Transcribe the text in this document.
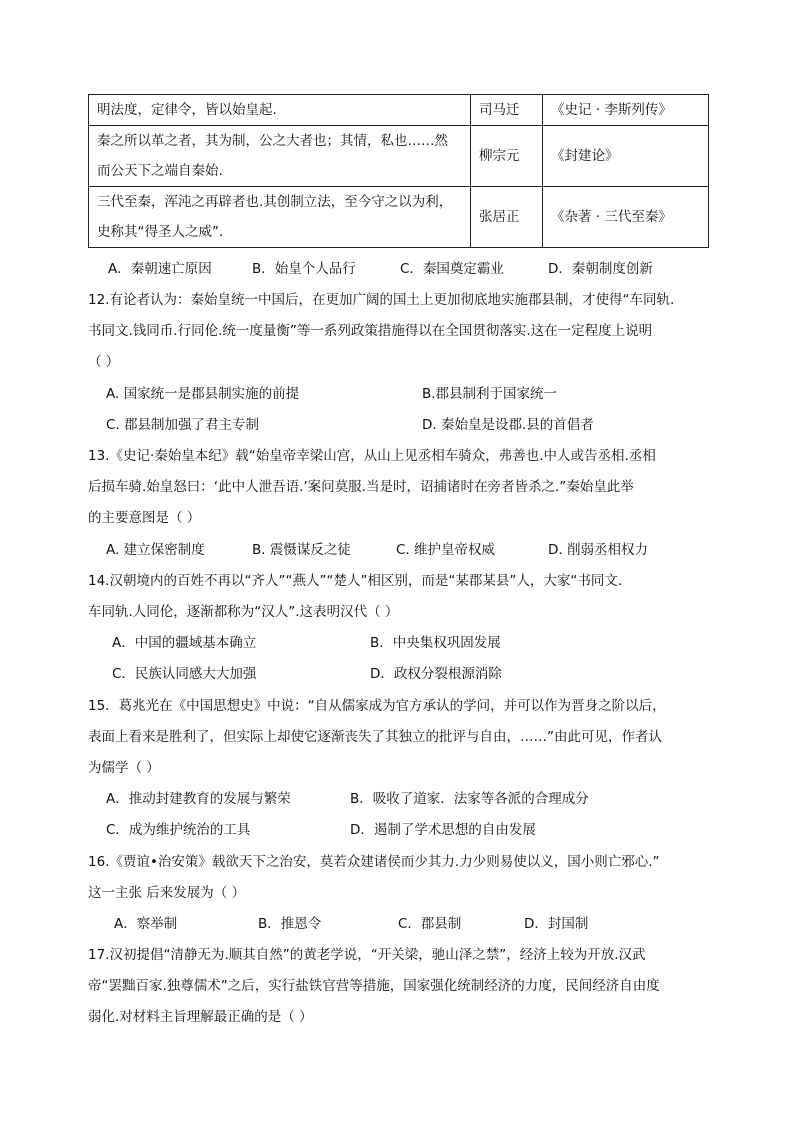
明法度，定律令，皆以始皇起.	司马迁	《史记 · 李斯列传》

秦之所以革之者，其为制，公之大者也；其情，私也……然
而公天下之端自秦始.	柳宗元	《封建论》

三代至秦，浑沌之再辟者也.其创制立法，至今守之以为利，
史称其“得圣人之威”.	张居正	《杂著 · 三代至秦》
A．秦朝速亡原因	B．始皇个人品行	C．秦国奠定霸业	D．秦朝制度创新
12.有论者认为：秦始皇统一中国后，在更加广阔的国土上更加彻底地实施郡县制，才使得“车同轨.
书同文.钱同币.行同伦.统一度量衡”等一系列政策措施得以在全国贯彻落实.这在一定程度上说明
（ ）
A. 国家统一是郡县制实施的前提	B.郡县制利于国家统一
C. 郡县制加强了君主专制	D. 秦始皇是设郡.县的首倡者
13.《史记·秦始皇本纪》载“始皇帝幸梁山宫，从山上见丞相车骑众，弗善也.中人或告丞相.丞相
后损车骑.始皇怒曰：‘此中人泄吾语.’案问莫服.当是时，诏捕诸时在旁者皆杀之.”秦始皇此举
的主要意图是（ ）
A. 建立保密制度	B. 震慑谋反之徒	C. 维护皇帝权威	D. 削弱丞相权力
14.汉朝境内的百姓不再以“齐人”“燕人”“楚人”相区别，而是“某郡某县”人，大家“书同文.
车同轨.人同伦，逐渐都称为“汉人”.这表明汉代（ ）
A．中国的疆域基本确立	B．中央集权巩固发展
C．民族认同感大大加强	D．政权分裂根源消除
15．葛兆光在《中国思想史》中说：“自从儒家成为官方承认的学问，并可以作为晋身之阶以后，
表面上看来是胜利了，但实际上却使它逐渐丧失了其独立的批评与自由，……”由此可见，作者认
为儒学（ ）
A．推动封建教育的发展与繁荣	B．吸收了道家．法家等各派的合理成分
C．成为维护统治的工具	D．遏制了学术思想的自由发展
16.《贾谊•治安策》载欲天下之治安，莫若众建诸侯而少其力.力少则易使以义，国小则亡邪心.”
这一主张 后来发展为（ ）
A．察举制	B．推恩令	C．郡县制	D．封国制
17.汉初提倡“清静无为.顺其自然”的黄老学说，“开关梁，驰山泽之禁”，经济上较为开放.汉武
帝“罢黜百家.独尊儒术”之后，实行盐铁官营等措施，国家强化统制经济的力度，民间经济自由度
弱化.对材料主旨理解最正确的是（ ）
